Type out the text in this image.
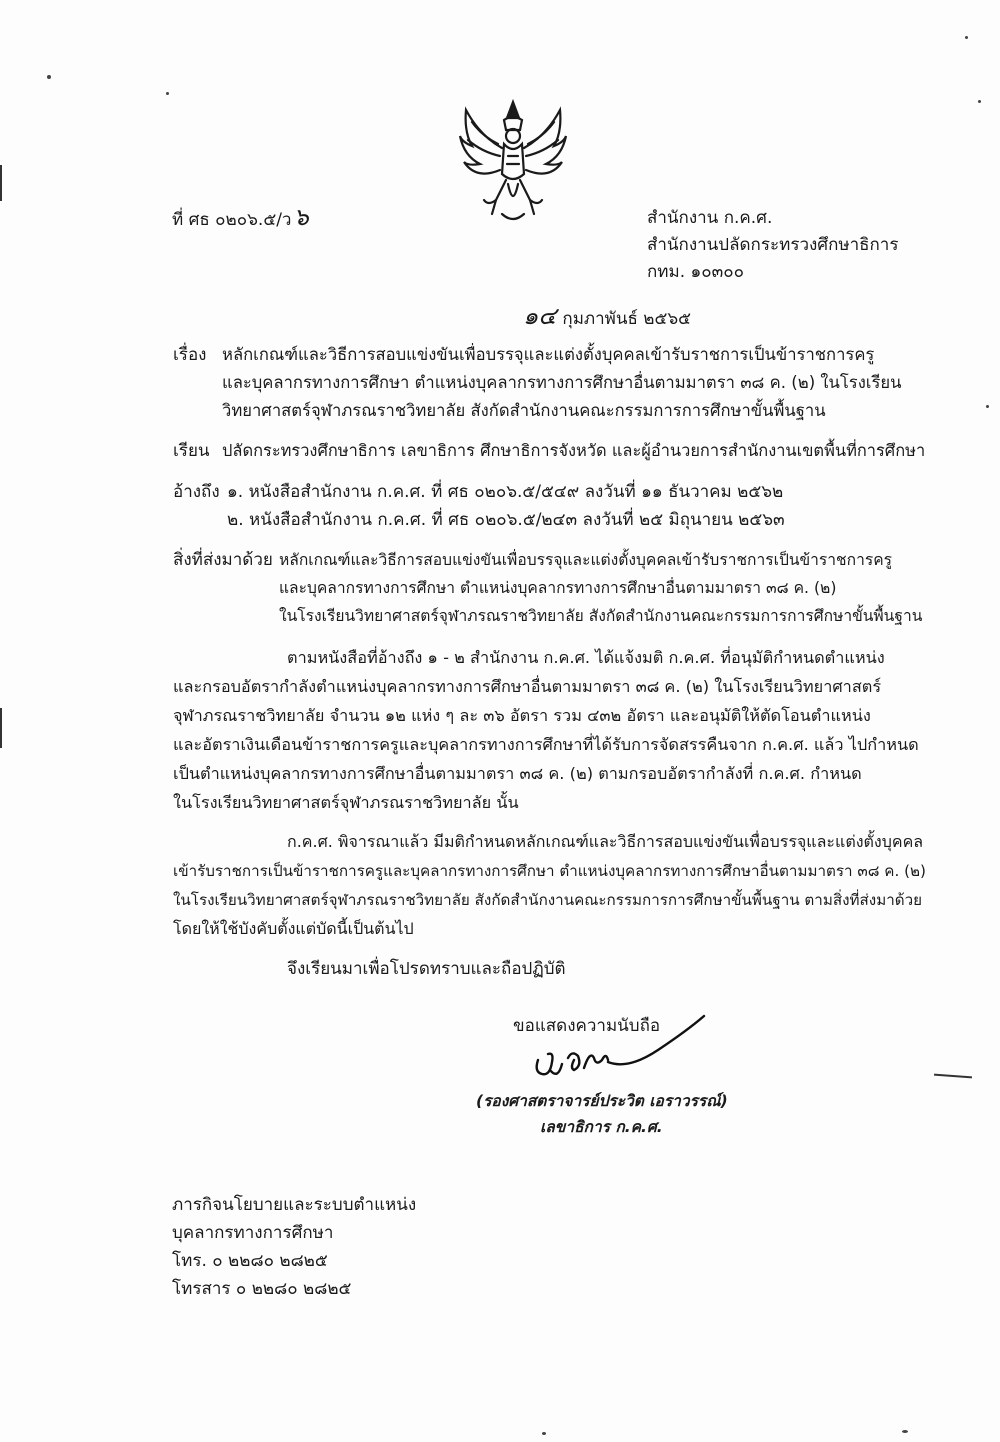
ที่ ศธ ๐๒๐๖.๕/ว๖	สำนักงาน ก.ค.ศ.
สำนักงานปลัดกระทรวงศึกษาธิการ
กทม. ๑๐๓๐๐
๑๔ กุมภาพันธ์ ๒๕๖๕
เรื่อง หลักเกณฑ์และวิธีการสอบแข่งขันเพื่อบรรจุและแต่งตั้งบุคคลเข้ารับราชการเป็นข้าราชการครู
และบุคลากรทางการศึกษา ตำแหน่งบุคลากรทางการศึกษาอื่นตามมาตรา ๓๘ ค. (๒) ในโรงเรียน
วิทยาศาสตร์จุฬาภรณราชวิทยาลัย สังกัดสำนักงานคณะกรรมการการศึกษาขั้นพื้นฐาน
เรียน ปลัดกระทรวงศึกษาธิการ เลขาธิการ ศึกษาธิการจังหวัด และผู้อำนวยการสำนักงานเขตพื้นที่การศึกษา
อ้างถึง ๑. หนังสือสำนักงาน ก.ค.ศ. ที่ ศธ ๐๒๐๖.๕/๕๔๙ ลงวันที่ ๑๑ ธันวาคม ๒๕๖๒
๒. หนังสือสำนักงาน ก.ค.ศ. ที่ ศธ ๐๒๐๖.๕/๒๔๓ ลงวันที่ ๒๕ มิถุนายน ๒๕๖๓
สิ่งที่ส่งมาด้วย หลักเกณฑ์และวิธีการสอบแข่งขันเพื่อบรรจุและแต่งตั้งบุคคลเข้ารับราชการเป็นข้าราชการครู
และบุคลากรทางการศึกษา ตำแหน่งบุคลากรทางการศึกษาอื่นตามมาตรา ๓๘ ค. (๒)
ในโรงเรียนวิทยาศาสตร์จุฬาภรณราชวิทยาลัย สังกัดสำนักงานคณะกรรมการการศึกษาขั้นพื้นฐาน
ตามหนังสือที่อ้างถึง ๑ - ๒ สำนักงาน ก.ค.ศ. ได้แจ้งมติ ก.ค.ศ. ที่อนุมัติกำหนดตำแหน่ง
และกรอบอัตรากำลังตำแหน่งบุคลากรทางการศึกษาอื่นตามมาตรา ๓๘ ค. (๒) ในโรงเรียนวิทยาศาสตร์
จุฬาภรณราชวิทยาลัย จำนวน ๑๒ แห่ง ๆ ละ ๓๖ อัตรา รวม ๔๓๒ อัตรา และอนุมัติให้ตัดโอนตำแหน่ง
และอัตราเงินเดือนข้าราชการครูและบุคลากรทางการศึกษาที่ได้รับการจัดสรรคืนจาก ก.ค.ศ. แล้ว ไปกำหนด
เป็นตำแหน่งบุคลากรทางการศึกษาอื่นตามมาตรา ๓๘ ค. (๒) ตามกรอบอัตรากำลังที่ ก.ค.ศ. กำหนด
ในโรงเรียนวิทยาศาสตร์จุฬาภรณราชวิทยาลัย นั้น
ก.ค.ศ. พิจารณาแล้ว มีมติกำหนดหลักเกณฑ์และวิธีการสอบแข่งขันเพื่อบรรจุและแต่งตั้งบุคคล
เข้ารับราชการเป็นข้าราชการครูและบุคลากรทางการศึกษา ตำแหน่งบุคลากรทางการศึกษาอื่นตามมาตรา ๓๘ ค. (๒)
ในโรงเรียนวิทยาศาสตร์จุฬาภรณราชวิทยาลัย สังกัดสำนักงานคณะกรรมการการศึกษาขั้นพื้นฐาน ตามสิ่งที่ส่งมาด้วย
โดยให้ใช้บังคับตั้งแต่บัดนี้เป็นต้นไป
จึงเรียนมาเพื่อโปรดทราบและถือปฏิบัติ
ขอแสดงความนับถือ
(รองศาสตราจารย์ประวิต เอราวรรณ์)
เลขาธิการ ก.ค.ศ.
ภารกิจนโยบายและระบบตำแหน่ง
บุคลากรทางการศึกษา
โทร. ๐ ๒๒๘๐ ๒๘๒๕
โทรสาร ๐ ๒๒๘๐ ๒๘๒๕
